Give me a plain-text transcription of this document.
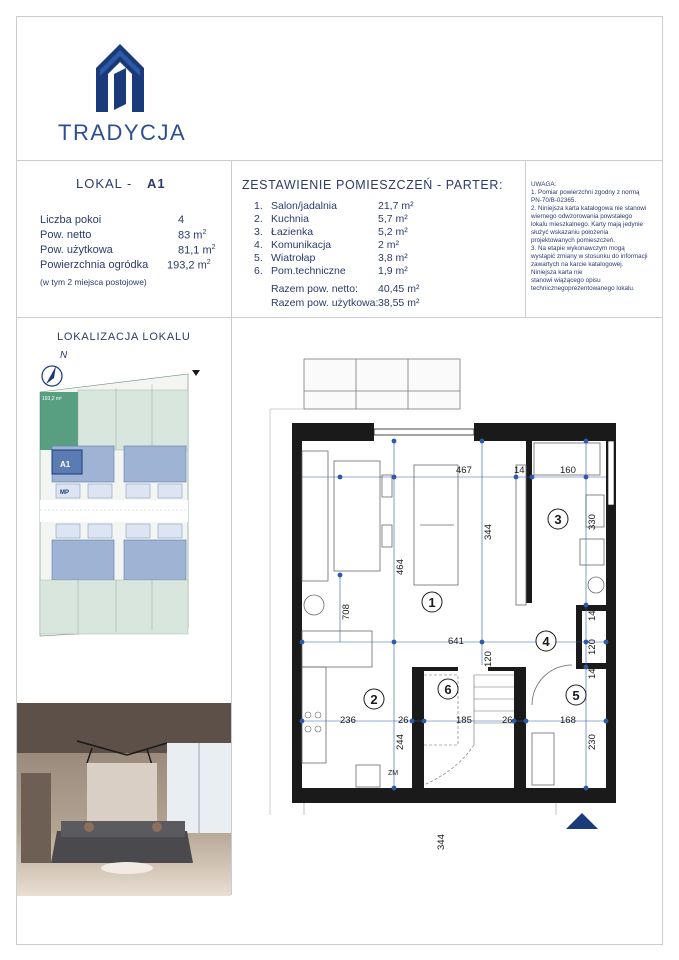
TRADYCJA
LOKAL - A1
Liczba pokoi	4
Pow. netto	83 $m^2$
Pow. użytkowa	81,1 $m^2$
Powierzchnia ogródka 193,2 $m^2$
(w tym 2 miejsca postojowe)
ZESTAWIENIE POMIESZCZEŃ - PARTER:
1. Salon/jadalnia	21,7 m²
2. Kuchnia	5,7 m²
3. Łazienka	5,2 m²
4. Komunikacja	2 m²
5. Wiatrołap	3,8 m²
6. Pom.techniczne	1,9 m²
Razem pow. netto: 40,45 m²
Razem pow. użytkowa: 38,55 m²
UWAGA:
1. Pomiar powierzchni zgodny z normą
PN-70/B-02365.
2. Niniejsza karta katalogowa nie stanowi
wiernego odwzorowania powstałego
lokalu mieszkalnego. Karty mają jedynie
służyć wskazaniu położenia
projektowanych pomieszczeń.
3. Na etapie wykonawczym mogą
wystąpić zmiany w stosunku do informacji
zawartych na karcie katalogowej.
Niniejsza karta nie
stanowi wiążącego opisu
technicznegoprezentowanego lokalu.
LOKALIZACJA LOKALU
N
193,2 m²
A1
MP
ZM
467	14	160
344
641
236	26	185	26	168
344
330
464
708
120
120
14
14
244	230
1
2
3
4
5
6
